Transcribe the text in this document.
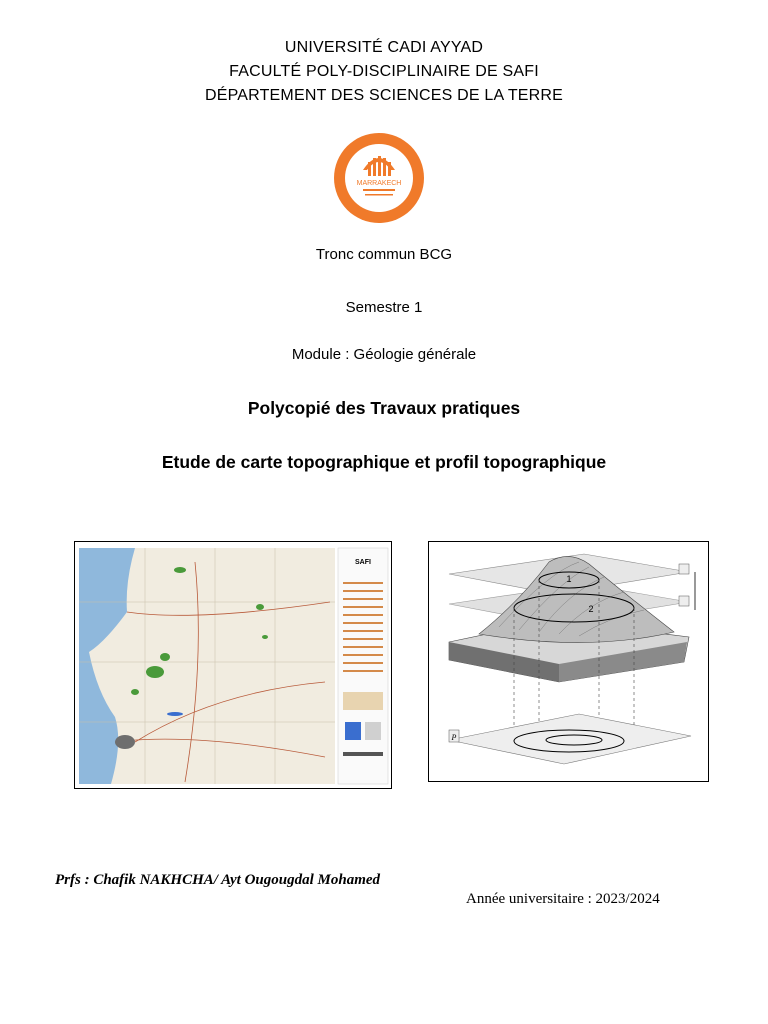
UNIVERSITÉ CADI AYYAD
FACULTÉ POLY-DISCIPLINAIRE DE SAFI
DÉPARTEMENT DES SCIENCES DE LA TERRE
MARRAKECH
Tronc commun BCG
Semestre 1
Module : Géologie générale
Polycopié des Travaux pratiques
Etude de carte topographique et profil topographique
SAFI
1
2
P
Prfs : Chafik NAKHCHA/ Ayt Ougougdal Mohamed
Année universitaire : 2023/2024
